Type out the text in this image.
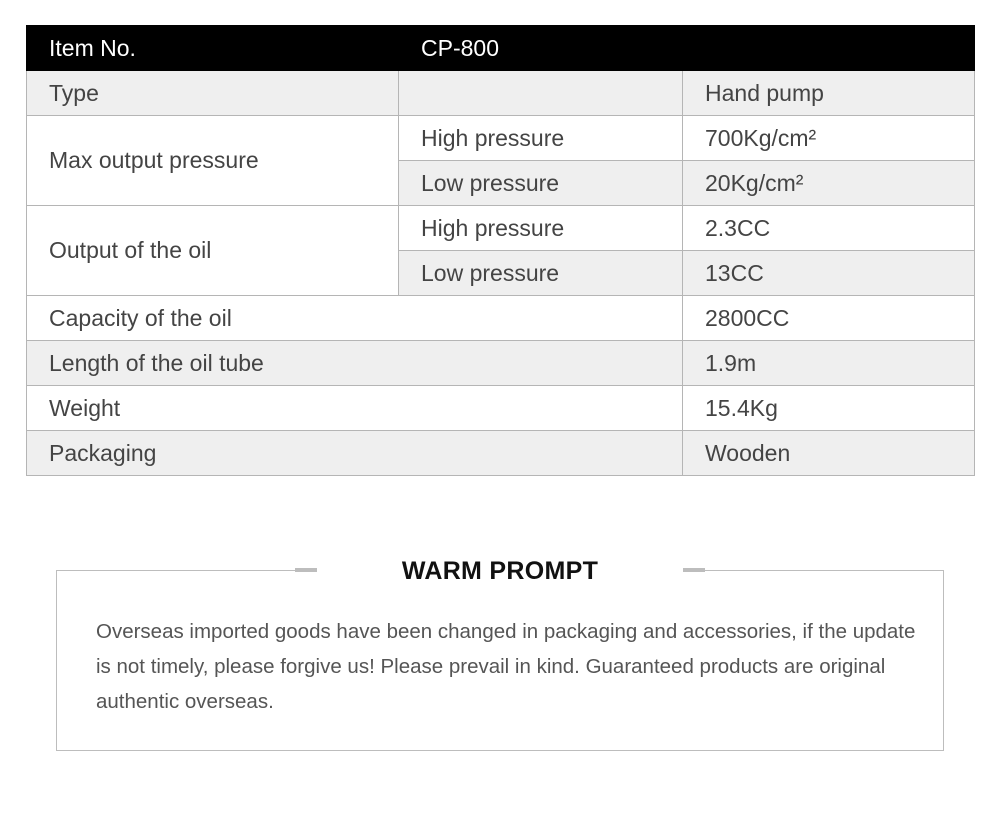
Item No.	CP-800	
Type		Hand pump
Max output pressure	High pressure	700Kg/cm²
	Low pressure	20Kg/cm²
Output of the oil	High pressure	2.3CC
	Low pressure	13CC
Capacity of the oil		2800CC
Length of the oil tube		1.9m
Weight		15.4Kg
Packaging		Wooden
WARM PROMPT
Overseas imported goods have been changed in packaging and accessories, if the update is not timely, please forgive us! Please prevail in kind. Guaranteed products are original authentic overseas.
